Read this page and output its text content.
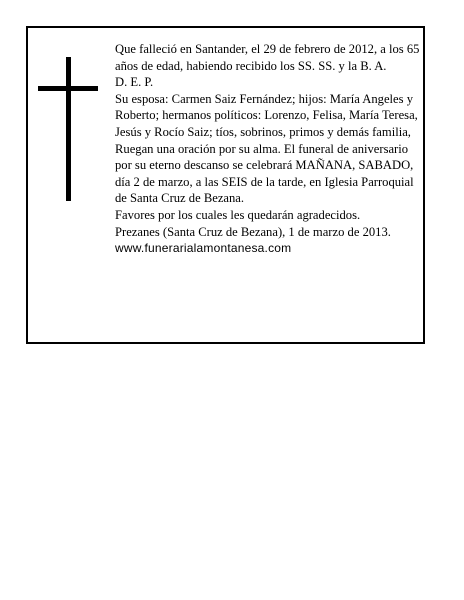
Que falleció en Santander, el 29 de febrero de 2012, a los 65 años de edad, habiendo recibido los SS. SS. y la B. A.

D. E. P.

Su esposa: Carmen Saiz Fernández; hijos: María Angeles y Roberto; hermanos políticos: Lorenzo, Felisa, María Teresa, Jesús y Rocío Saiz; tíos, sobrinos, primos y demás familia,

Ruegan una oración por su alma. El funeral de aniversario por su eterno descanso se celebrará MAÑANA, SABADO, día 2 de marzo, a las SEIS de la tarde, en Iglesia Parroquial de Santa Cruz de Bezana.

Favores por los cuales les quedarán agradecidos.

Prezanes (Santa Cruz de Bezana), 1 de marzo de 2013.

www.funerarialamontanesa.com
